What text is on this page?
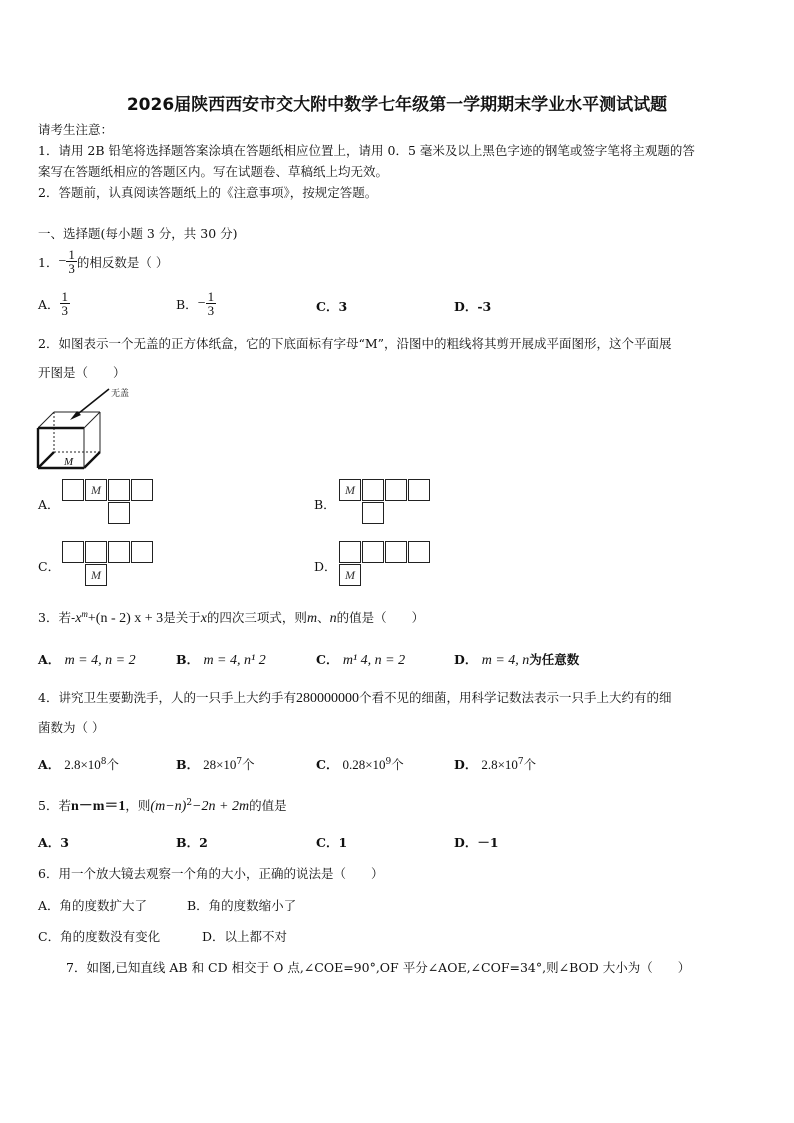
2026届陕西西安市交大附中数学七年级第一学期期末学业水平测试试题
请考生注意：
1．请用 2B 铅笔将选择题答案涂填在答题纸相应位置上，请用 0．5 毫米及以上黑色字迹的钢笔或签字笔将主观题的答
案写在答题纸相应的答题区内。写在试题卷、草稿纸上均无效。
2．答题前，认真阅读答题纸上的《注意事项》，按规定答题。
一、选择题(每小题 3 分，共 30 分)
1． − $\frac{1}{3}$ 的相反数是（ ）
A． $\frac{1}{3}$	B． − $\frac{1}{3}$	C．3	D．-3
2．如图表示一个无盖的正方体纸盒，它的下底面标有字母“M”，沿图中的粗线将其剪开展成平面图形，这个平面展
开图是（　　）
无盖
M
A．
M
B．
M
C．
M
D．
M
3．若$-x^m+(n - 2) x + 3$是关于x的四次三项式，则m、n的值是（　　）
A． m = 4, n = 2	B． m = 4, n¹ 2	C． m¹ 4, n = 2	D． m = 4, n为任意数
4．讲究卫生要勤洗手，人的一只手上大约手有280000000个看不见的细菌，用科学记数法表示一只手上大约有的细
菌数为（ ）
A． $2.8\times 10^8$个	B． $28\times 10^7$个	C． $0.28\times 10^9$个	D． $2.8\times 10^7$个
5．若n－m＝1，则$(m-n)^2-2n + 2m$的值是
A．3	B．2	C．1	D．－1
6．用一个放大镜去观察一个角的大小，正确的说法是（　　）
A．角的度数扩大了	B．角的度数缩小了
C．角的度数没有变化	D．以上都不对
7．如图,已知直线 AB 和 CD 相交于 O 点,∠COE=90°,OF 平分∠AOE,∠COF=34°,则∠BOD 大小为（　　）
